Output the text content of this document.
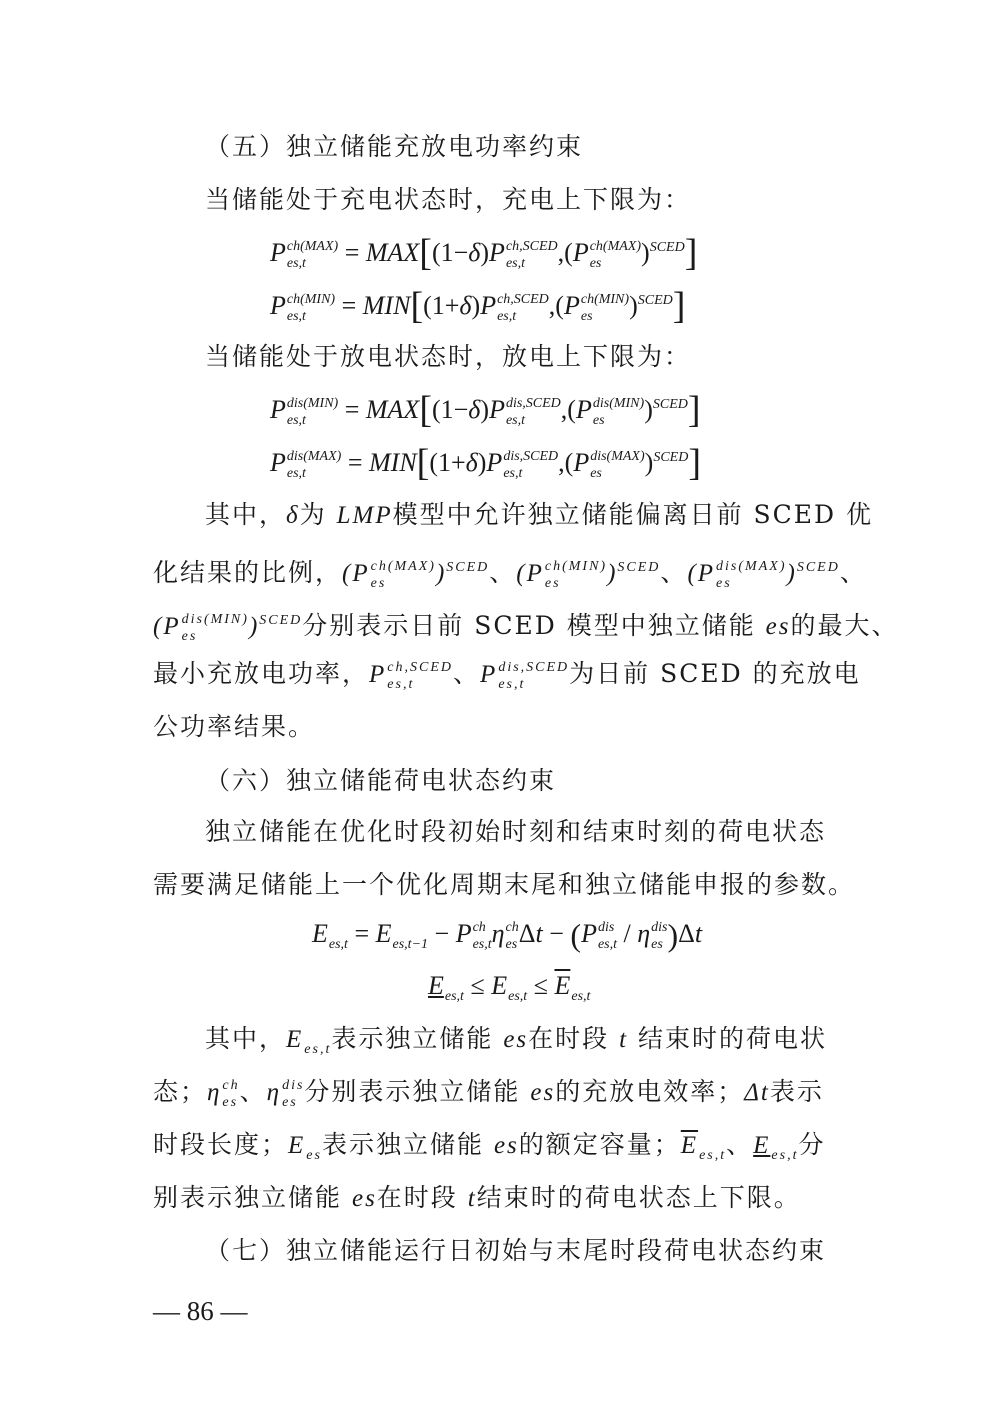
（五）独立储能充放电功率约束
当储能处于充电状态时，充电上下限为：
P ch(MAX)
es,t	= MAX[(1−δ)P ch,SCED
es,t	,(P ch(MAX)
es	)$^{SCED}$]
P ch(MIN)
es,t	= MIN[(1+δ)P ch,SCED
es,t	,(P ch(MIN)
es	)$^{SCED}$]
当储能处于放电状态时，放电上下限为：
P dis(MIN)
es,t	= MAX[(1−δ)P dis,SCED
es,t	,(P dis(MIN)
es	)$^{SCED}$]
P dis(MAX)
es,t	= MIN[(1+δ)P dis,SCED
es,t	,(P dis(MAX)
es	)$^{SCED}$]
其中，δ为 LMP模型中允许独立储能偏离日前 SCED 优
化结果的比例，(P ch(MAX)
es	)$^{SCED}$、(P ch(MIN)
es	)$^{SCED}$、(P dis(MAX)
es	)$^{SCED}$、
(P dis(MIN)
es	)$^{SCED}$分别表示日前 SCED 模型中独立储能 es的最大、
最小充放电功率，P ch,SCED
es,t	、P dis,SCED
es,t	为日前 SCED 的充放电
公功率结果。
（六）独立储能荷电状态约束
独立储能在优化时段初始时刻和结束时刻的荷电状态
需要满足储能上一个优化周期末尾和独立储能申报的参数。
E
es,t = E
es,t−1 − P ch
es,t η ch
es Δt − (P dis
es,t / η dis
es )Δt
E
es,t ≤ E
es,t ≤ E
es,t
其中，E
es,t 表示独立储能 es在时段 t 结束时的荷电状
态；η ch
es 、η dis
es 分别表示独立储能 es的充放电效率；Δt表示
时段长度；E
es 表示独立储能 es的额定容量；E
es,t 、E
es,t 分
别表示独立储能 es在时段 t结束时的荷电状态上下限。
（七）独立储能运行日初始与末尾时段荷电状态约束
— 86 —
